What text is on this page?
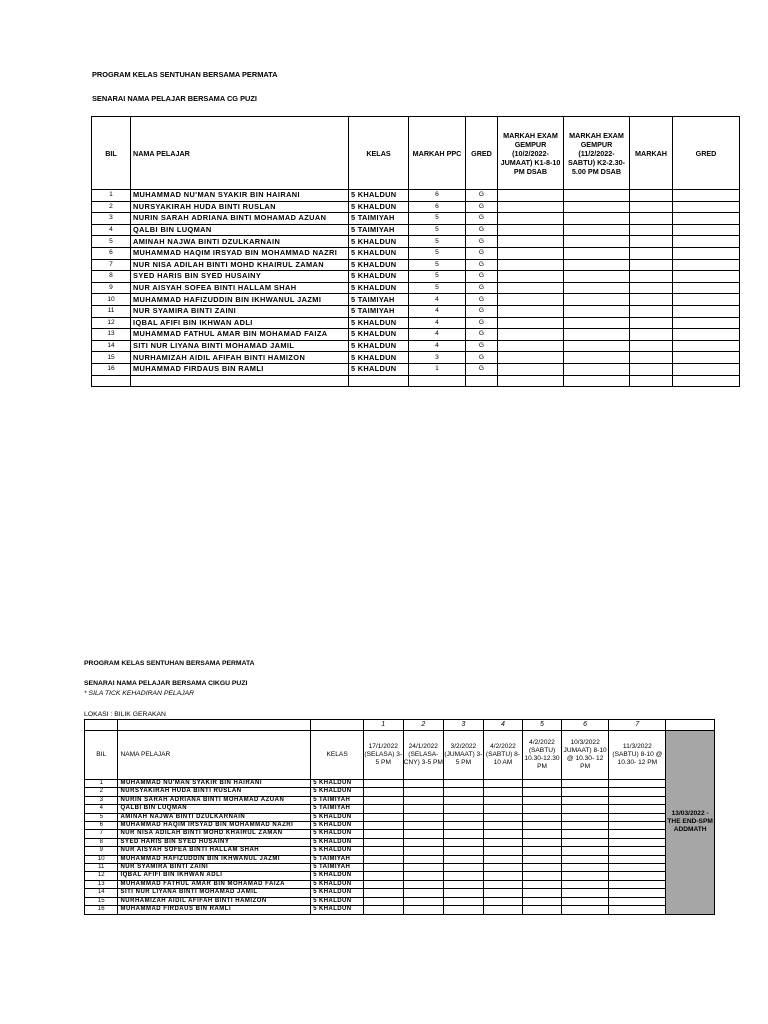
PROGRAM KELAS SENTUHAN BERSAMA PERMATA
SENARAI NAMA PELAJAR BERSAMA CG PUZI
BIL	NAMA PELAJAR	KELAS	MARKAH PPC	GRED	MARKAH EXAM GEMPUR (10/2/2022- JUMAAT) K1-8-10 PM DSAB	MARKAH EXAM GEMPUR (11/2/2022- SABTU) K2-2.30-5.00 PM DSAB	MARKAH	GRED
1	MUHAMMAD NU'MAN SYAKIR BIN HAIRANI	5 KHALDUN	6	G				
2	NURSYAKIRAH HUDA BINTI RUSLAN	5 KHALDUN	6	G				
3	NURIN SARAH ADRIANA BINTI MOHAMAD AZUAN	5 TAIMIYAH	5	G				
4	QALBI BIN LUQMAN	5 TAIMIYAH	5	G				
5	AMINAH NAJWA BINTI DZULKARNAIN	5 KHALDUN	5	G				
6	MUHAMMAD HAQIM IRSYAD BIN MOHAMMAD NAZRI	5 KHALDUN	5	G				
7	NUR NISA ADILAH BINTI MOHD KHAIRUL ZAMAN	5 KHALDUN	5	G				
8	SYED HARIS BIN SYED HUSAINY	5 KHALDUN	5	G				
9	NUR AISYAH SOFEA BINTI HALLAM SHAH	5 KHALDUN	5	G				
10	MUHAMMAD HAFIZUDDIN BIN IKHWANUL JAZMI	5 TAIMIYAH	4	G				
11	NUR SYAMIRA BINTI ZAINI	5 TAIMIYAH	4	G				
12	IQBAL AFIFI BIN IKHWAN ADLI	5 KHALDUN	4	G				
13	MUHAMMAD FATHUL AMAR BIN MOHAMAD FAIZA	5 KHALDUN	4	G				
14	SITI NUR LIYANA BINTI MOHAMAD JAMIL	5 KHALDUN	4	G				
15	NURHAMIZAH AIDIL AFIFAH BINTI HAMIZON	5 KHALDUN	3	G				
16	MUHAMMAD FIRDAUS BIN RAMLI	5 KHALDUN	1	G				

PROGRAM KELAS SENTUHAN BERSAMA PERMATA
SENARAI NAMA PELAJAR BERSAMA CIKGU PUZI
* SILA TICK KEHADIRAN PELAJAR
LOKASI : BILIK GERAKAN
			1	2	3	4	5	6	7	
BIL	NAMA PELAJAR	KELAS	17/1/2022 (SELASA) 3-5 PM	24/1/2022 (SELASA- CNY) 3-5 PM	3/2/2022 (JUMAAT) 3-5 PM	4/2/2022 (SABTU) 8-10 AM	4/2/2022 (SABTU) 10.30-12.30 PM	10/3/2022 JUMAAT) 8-10 @ 10.30- 12 PM	11/3/2022 (SABTU) 8-10 @ 10.30- 12 PM	13/03/2022 - THE END-SPM ADDMATH
1	MUHAMMAD NU'MAN SYAKIR BIN HAIRANI	5 KHALDUN								
2	NURSYAKIRAH HUDA BINTI RUSLAN	5 KHALDUN								
3	NURIN SARAH ADRIANA BINTI MOHAMAD AZUAN	5 TAIMIYAH								
4	QALBI BIN LUQMAN	5 TAIMIYAH								
5	AMINAH NAJWA BINTI DZULKARNAIN	5 KHALDUN								
6	MUHAMMAD HAQIM IRSYAD BIN MOHAMMAD NAZRI	5 KHALDUN								
7	NUR NISA ADILAH BINTI MOHD KHAIRUL ZAMAN	5 KHALDUN								
8	SYED HARIS BIN SYED HUSAINY	5 KHALDUN								
9	NUR AISYAH SOFEA BINTI HALLAM SHAH	5 KHALDUN								
10	MUHAMMAD HAFIZUDDIN BIN IKHWANUL JAZMI	5 TAIMIYAH								
11	NUR SYAMIRA BINTI ZAINI	5 TAIMIYAH								
12	IQBAL AFIFI BIN IKHWAN ADLI	5 KHALDUN								
13	MUHAMMAD FATHUL AMAR BIN MOHAMAD FAIZA	5 KHALDUN								
14	SITI NUR LIYANA BINTI MOHAMAD JAMIL	5 KHALDUN								
15	NURHAMIZAH AIDIL AFIFAH BINTI HAMIZON	5 KHALDUN								
16	MUHAMMAD FIRDAUS BIN RAMLI	5 KHALDUN								
